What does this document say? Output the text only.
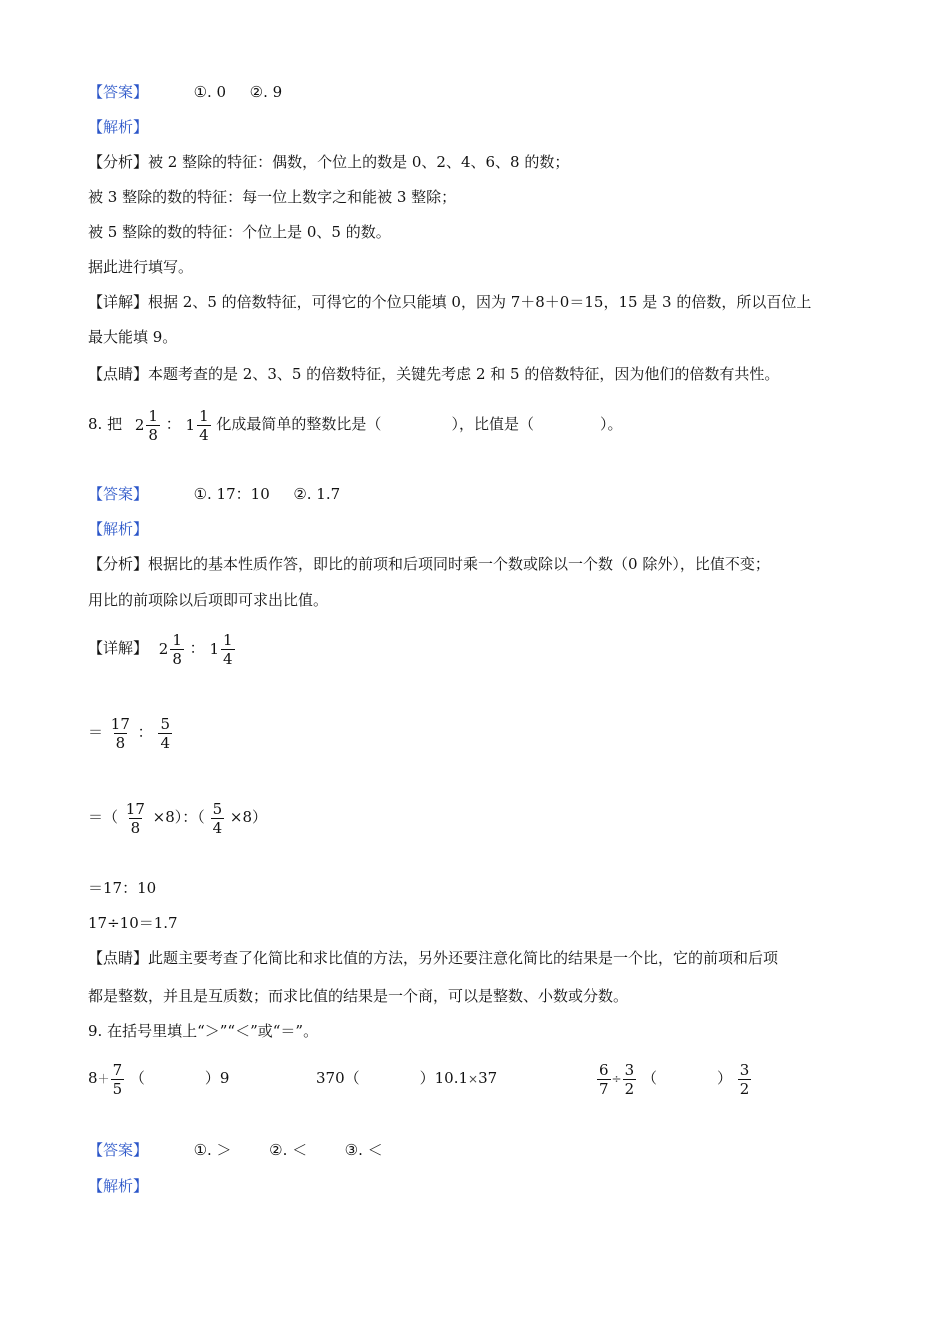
【答案】	①. 0 ②. 9
【解析】
【分析】被 2 整除的特征：偶数，个位上的数是 0、2、4、6、8 的数；
被 3 整除的数的特征：每一位上数字之和能被 3 整除；
被 5 整除的数的特征：个位上是 0、5 的数。
据此进行填写。
【详解】根据 2、5 的倍数特征，可得它的个位只能填 0，因为 7＋8＋0＝15，15 是 3 的倍数，所以百位上
最大能填 9。
【点睛】本题考查的是 2、3、5 的倍数特征，关键先考虑 2 和 5 的倍数特征，因为他们的倍数有共性。
8. 把 $2 \frac{1}{8}$ ： $1 \frac{1}{4}$ 化成最简单的整数比是（	），比值是（	）。
【答案】	①. 17：10 ②. 1.7
【解析】
【分析】根据比的基本性质作答，即比的前项和后项同时乘一个数或除以一个数（0 除外），比值不变；
用比的前项除以后项即可求出比值。
【详解】 $2 \frac{1}{8}$ ： $1 \frac{1}{4}$
＝ $\frac{17}{8}$ ： $\frac{5}{4}$
＝（ $\frac{17}{8} \times 8$）：（ $\frac{5}{4} \times 8$）
＝17：10
17÷10＝1.7
【点睛】此题主要考查了化简比和求比值的方法，另外还要注意化简比的结果是一个比，它的前项和后项
都是整数，并且是互质数；而求比值的结果是一个商，可以是整数、小数或分数。
9. 在括号里填上“＞”“＜”或“＝”。
$8+ \frac{7}{5}$ （　　　　）9	370（　　　　）10.1×37	$\frac{6}{7} \div \frac{3}{2}$ （　　　　） $\frac{3}{2}$
【答案】	①. ＞	②. ＜	③. ＜
【解析】
